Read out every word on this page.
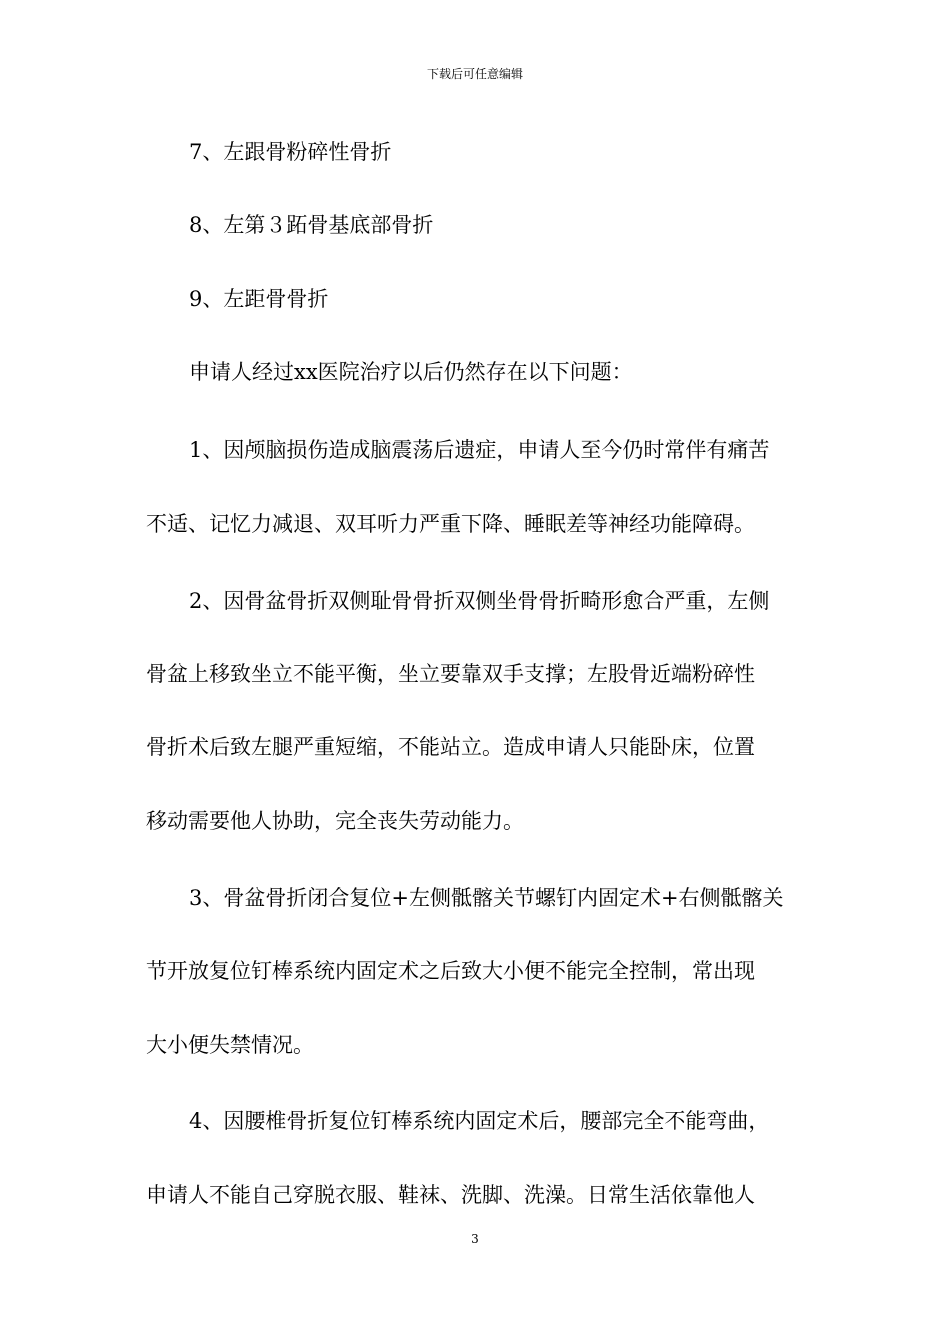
下载后可任意编辑
7、左跟骨粉碎性骨折
8、左第３跖骨基底部骨折
9、左距骨骨折
申请人经过xx医院治疗以后仍然存在以下问题：
1、因颅脑损伤造成脑震荡后遗症，申请人至今仍时常伴有痛苦
不适、记忆力减退、双耳听力严重下降、睡眠差等神经功能障碍。
2、因骨盆骨折双侧耻骨骨折双侧坐骨骨折畸形愈合严重，左侧
骨盆上移致坐立不能平衡，坐立要靠双手支撑；左股骨近端粉碎性
骨折术后致左腿严重短缩，不能站立。造成申请人只能卧床，位置
移动需要他人协助，完全丧失劳动能力。
3、骨盆骨折闭合复位+左侧骶髂关节螺钉内固定术+右侧骶髂关
节开放复位钉棒系统内固定术之后致大小便不能完全控制，常出现
大小便失禁情况。
4、因腰椎骨折复位钉棒系统内固定术后，腰部完全不能弯曲，
申请人不能自己穿脱衣服、鞋袜、洗脚、洗澡。日常生活依靠他人
3
